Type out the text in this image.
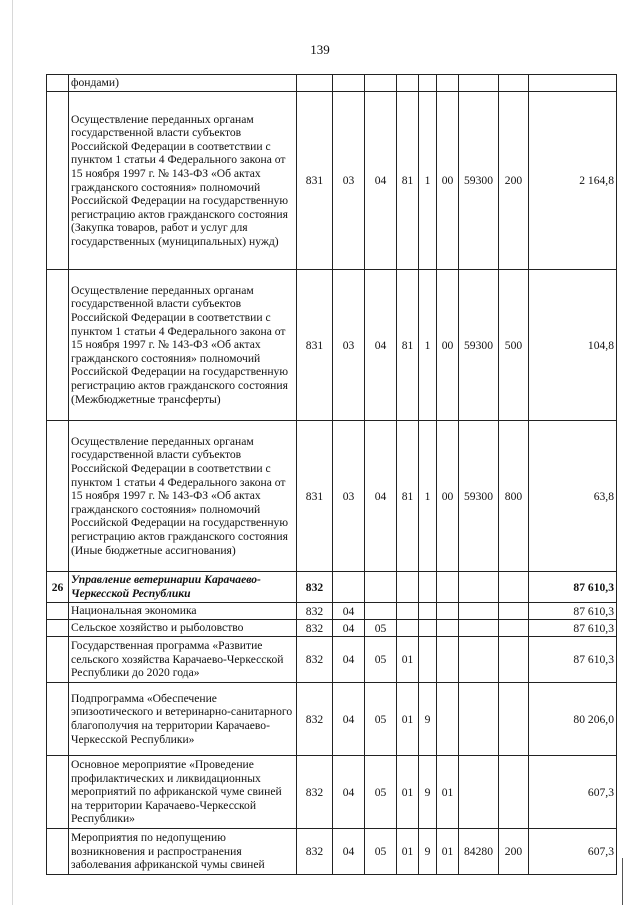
139
	фондами)									
	Осуществление переданных органам государственной власти субъектов Российской Федерации в соответствии с пунктом 1 статьи 4 Федерального закона от 15 ноября 1997 г. № 143-ФЗ «Об актах гражданского состояния» полномочий Российской Федерации на государственную регистрацию актов гражданского состояния (Закупка товаров, работ и услуг для государственных (муниципальных) нужд)	831	03	04	81	1	00	59300	200	2 164,8
	Осуществление переданных органам государственной власти субъектов Российской Федерации в соответствии с пунктом 1 статьи 4 Федерального закона от 15 ноября 1997 г. № 143-ФЗ «Об актах гражданского состояния» полномочий Российской Федерации на государственную регистрацию актов гражданского состояния (Межбюджетные трансферты)	831	03	04	81	1	00	59300	500	104,8
	Осуществление переданных органам государственной власти субъектов Российской Федерации в соответствии с пунктом 1 статьи 4 Федерального закона от 15 ноября 1997 г. № 143-ФЗ «Об актах гражданского состояния» полномочий Российской Федерации на государственную регистрацию актов гражданского состояния (Иные бюджетные ассигнования)	831	03	04	81	1	00	59300	800	63,8
26	Управление ветеринарии Карачаево-Черкесской Республики	832								87 610,3
	Национальная экономика	832	04							87 610,3
	Сельское хозяйство и рыболовство	832	04	05						87 610,3
	Государственная программа «Развитие сельского хозяйства Карачаево-Черкесской Республики до 2020 года»	832	04	05	01					87 610,3
	Подпрограмма «Обеспечение эпизоотического и ветеринарно-санитарного благополучия на территории Карачаево-Черкесской Республики»	832	04	05	01	9				80 206,0
	Основное мероприятие «Проведение профилактических и ликвидационных мероприятий по африканской чуме свиней на территории Карачаево-Черкесской Республики»	832	04	05	01	9	01			607,3
	Мероприятия по недопущению возникновения и распространения заболевания африканской чумы свиней	832	04	05	01	9	01	84280	200	607,3
